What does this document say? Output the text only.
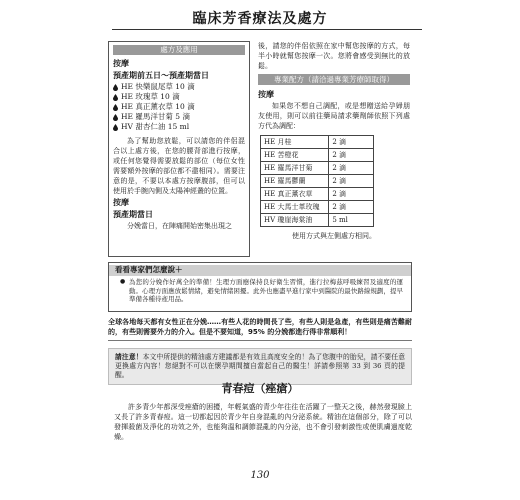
臨床芳香療法及處方
處方及應用
按摩
預產期前五日～預產期當日
HE 快樂鼠尾草 10 滴
HE 玫瑰草 10 滴
HE 真正薰衣草 10 滴
HE 羅馬洋甘菊 5 滴
HV 甜杏仁油 15 ml

為了幫助您放鬆，可以請您的伴侶混合以上處方後，在您的腰背部進行按摩，或任何您覺得需要放鬆的部位（每位女性需要額外按摩的部位都不盡相同）。需要注意的是，不要以本處方按摩腹部，但可以使用於手腕內側及太陽神經叢的位置。

按摩
預產期當日

分娩當日，在陣痛開始密集出現之

後，請您的伴侶依照在家中幫您按摩的方式，每半小時就幫您按摩一次。您將會感受到無比的放鬆。

專業配方（請洽過專業芳療師取得）
按摩

如果您不想自己調配，或是想贈送給孕婦朋友使用，則可以前往藥局請求藥劑師依照下列處方代為調配：

HE 月桂	2 滴
HE 苦橙花	2 滴
HE 羅馬洋甘菊	2 滴
HE 羅馬鬱蘭	2 滴
HE 真正薰衣草	2 滴
HE 大馬士革玫瑰	2 滴
HV 瓊崖海棠油	5 ml

使用方式與左側處方相同。

看看專家們怎麼說＋
● 為您的分娩作好萬全的準備！生理方面應保持良好衛生習慣，進行拉梅茲呼吸練習及適度的運動。心理方面應放鬆情緒，避免情緒困擾。此外也應盡早進行家中到醫院的最快路線規劃，提早準備各種待產用品。
全球各地每天都有女性正在分娩……有些人花的時間長了些，有些人則是急產，有些則是痛苦難耐的，有些則需要外力的介入。但是不要知道，95% 的分娩都進行得非常順利！
請注意！本文中所提供的精油處方建議都是有效且高度安全的！為了您腹中的胎兒，請不要任意更換處方內容！您絕對不可以在懷孕期間擅自當起自己的醫生！詳請參照第 33 到 36 頁的提醒。
青春痘（痤瘡）
許多青少年都深受痤瘡的困擾，年輕氣盛的青少年往往在活躍了一整天之後，赫然發現臉上又長了許多青春痘。這一切都起因於青少年自身混亂的內分泌系統。精油在這個部分，除了可以發揮殺菌及淨化的功效之外，也能夠溫和調節混亂的內分泌，也不會引發刺激性或使肌膚過度乾燥。
130
